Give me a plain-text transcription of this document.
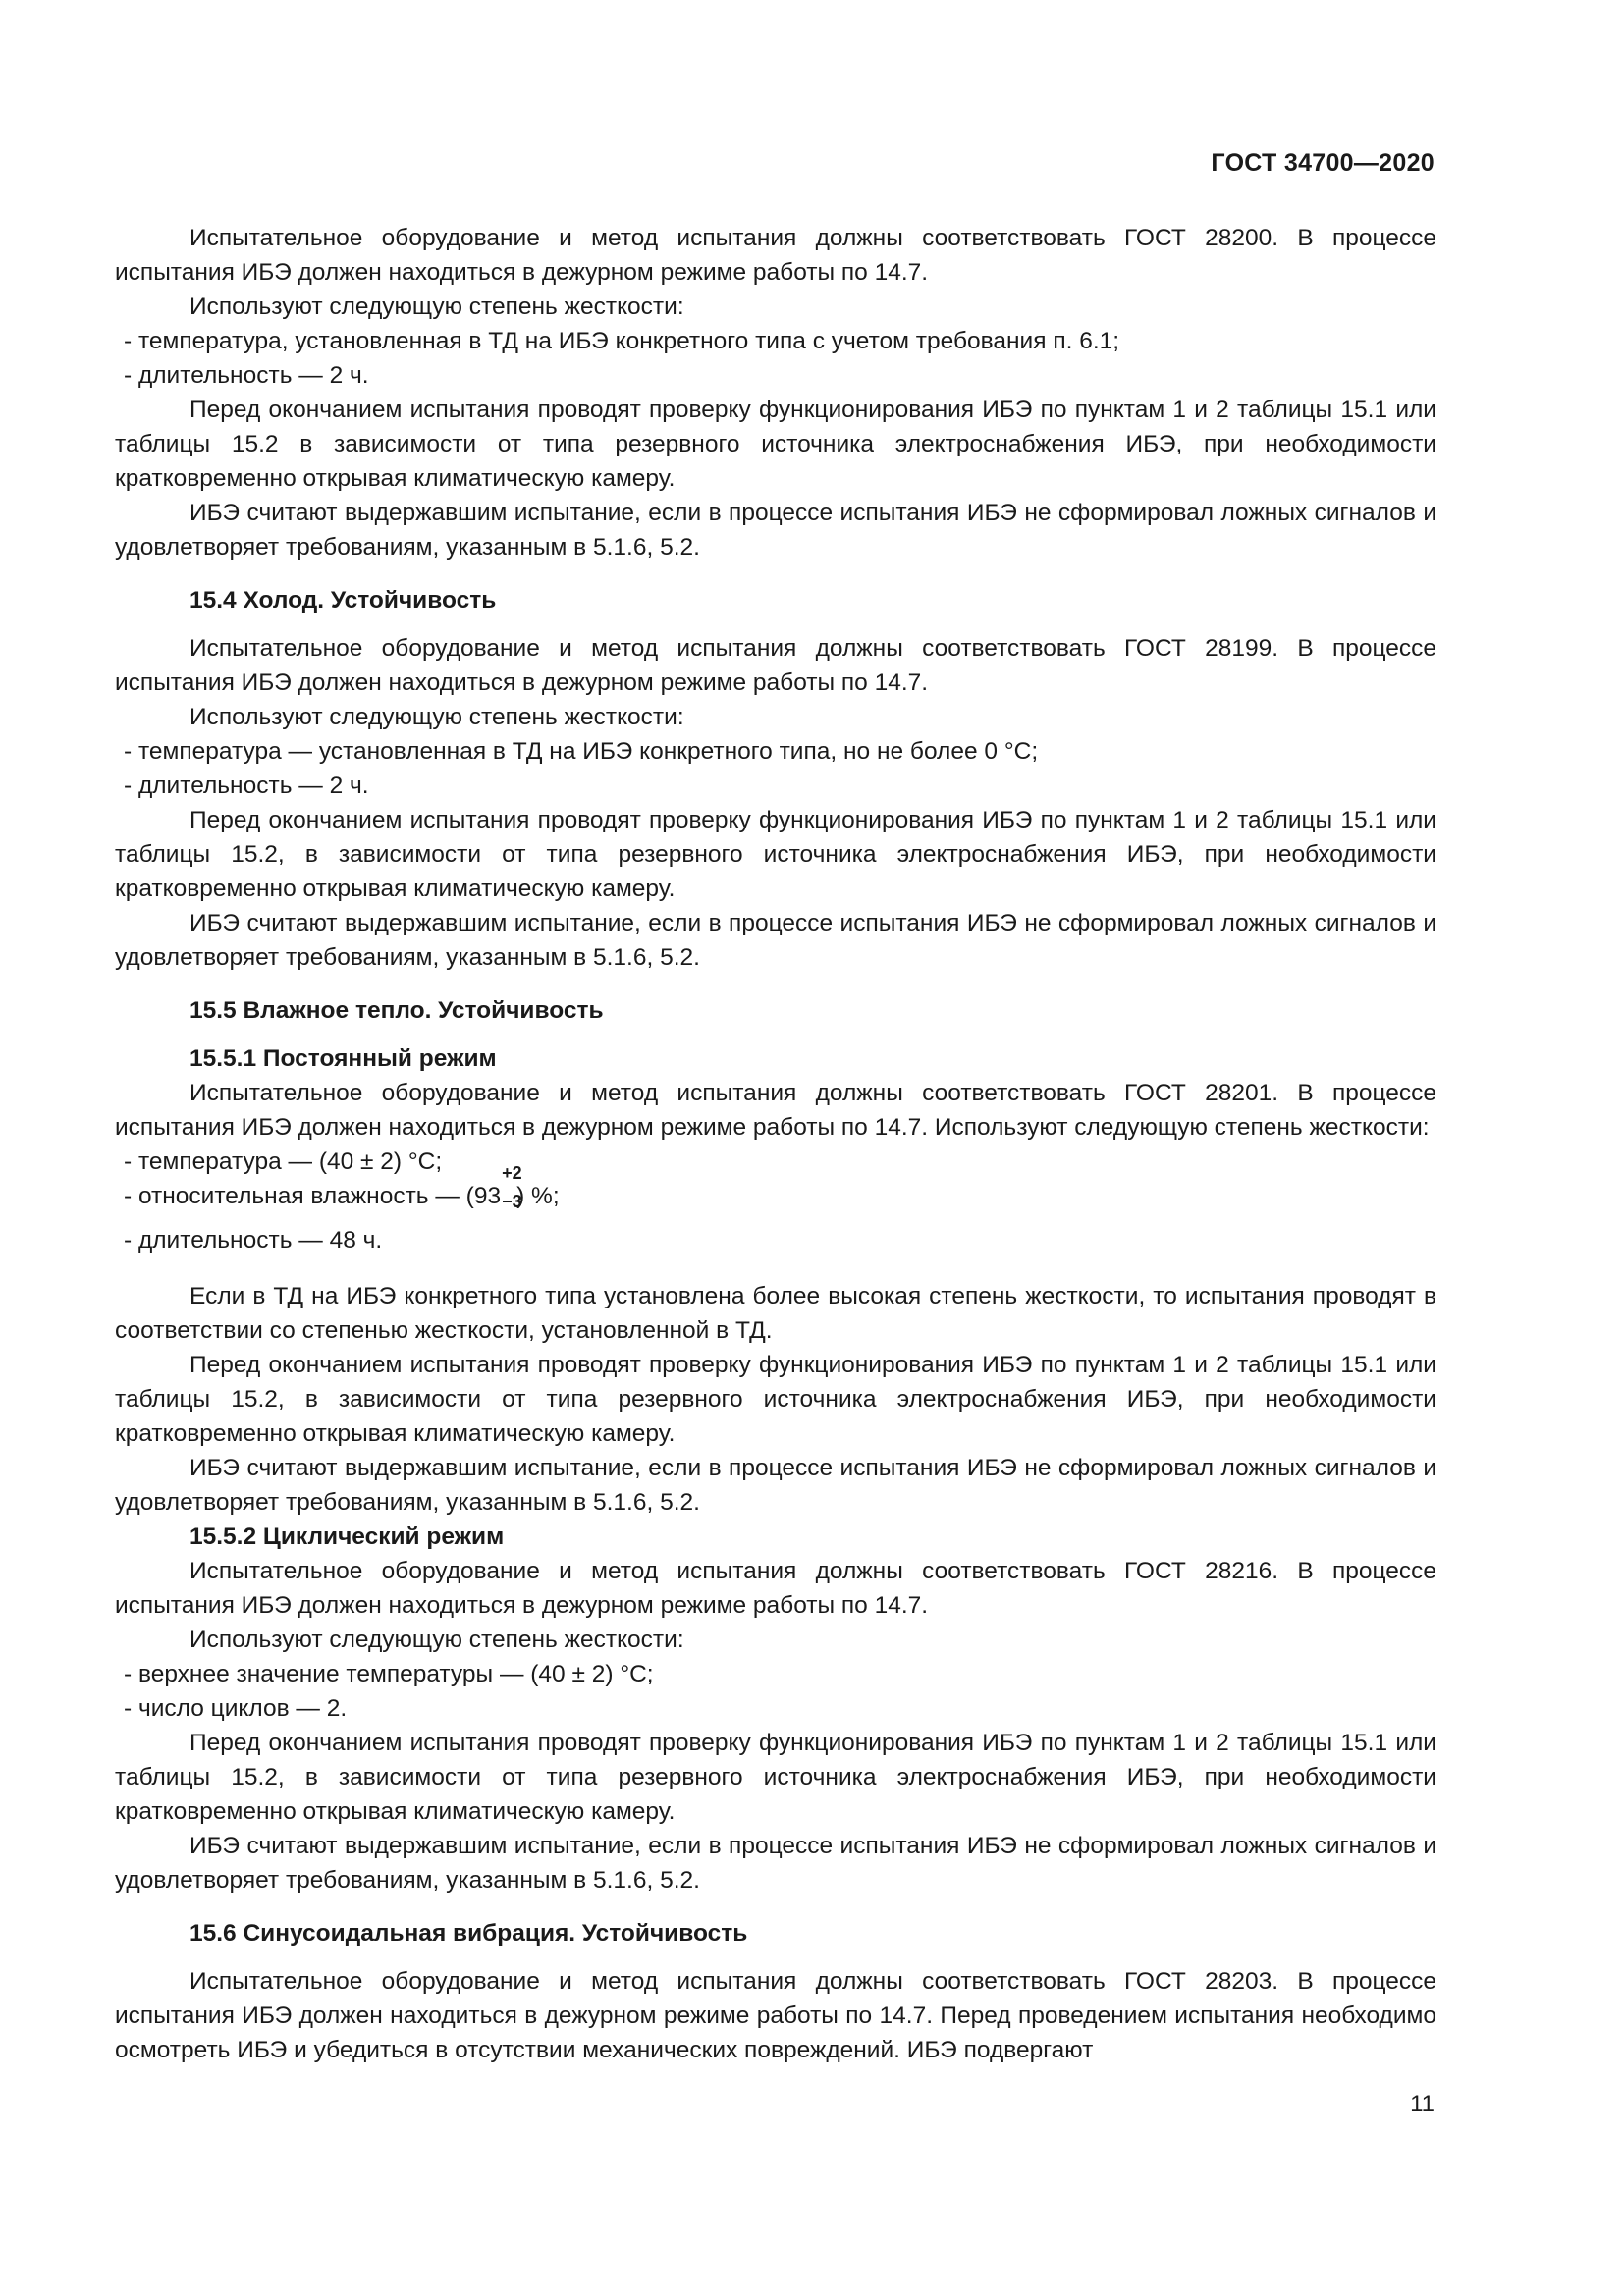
ГОСТ 34700—2020

Испытательное оборудование и метод испытания должны соответствовать ГОСТ 28200. В процессе испытания ИБЭ должен находиться в дежурном режиме работы по 14.7.

Используют следующую степень жесткости:

- температура, установленная в ТД на ИБЭ конкретного типа с учетом требования п. 6.1;

- длительность — 2 ч.

Перед окончанием испытания проводят проверку функционирования ИБЭ по пунктам 1 и 2 таблицы 15.1 или таблицы 15.2 в зависимости от типа резервного источника электроснабжения ИБЭ, при необходимости кратковременно открывая климатическую камеру.

ИБЭ считают выдержавшим испытание, если в процессе испытания ИБЭ не сформировал ложных сигналов и удовлетворяет требованиям, указанным в 5.1.6, 5.2.

15.4 Холод. Устойчивость

Испытательное оборудование и метод испытания должны соответствовать ГОСТ 28199. В процессе испытания ИБЭ должен находиться в дежурном режиме работы по 14.7.

Используют следующую степень жесткости:

- температура — установленная в ТД на ИБЭ конкретного типа, но не более 0 °С;

- длительность — 2 ч.

Перед окончанием испытания проводят проверку функционирования ИБЭ по пунктам 1 и 2 таблицы 15.1 или таблицы 15.2, в зависимости от типа резервного источника электроснабжения ИБЭ, при необходимости кратковременно открывая климатическую камеру.

ИБЭ считают выдержавшим испытание, если в процессе испытания ИБЭ не сформировал ложных сигналов и удовлетворяет требованиям, указанным в 5.1.6, 5.2.

15.5 Влажное тепло. Устойчивость

15.5.1 Постоянный режим

Испытательное оборудование и метод испытания должны соответствовать ГОСТ 28201. В процессе испытания ИБЭ должен находиться в дежурном режиме работы по 14.7. Используют следующую степень жесткости:

- температура — (40 ± 2) °С;

- относительная влажность — (93
+2
−3
) %;

- длительность — 48 ч.

Если в ТД на ИБЭ конкретного типа установлена более высокая степень жесткости, то испытания проводят в соответствии со степенью жесткости, установленной в ТД.

Перед окончанием испытания проводят проверку функционирования ИБЭ по пунктам 1 и 2 таблицы 15.1 или таблицы 15.2, в зависимости от типа резервного источника электроснабжения ИБЭ, при необходимости кратковременно открывая климатическую камеру.

ИБЭ считают выдержавшим испытание, если в процессе испытания ИБЭ не сформировал ложных сигналов и удовлетворяет требованиям, указанным в 5.1.6, 5.2.

15.5.2 Циклический режим

Испытательное оборудование и метод испытания должны соответствовать ГОСТ 28216. В процессе испытания ИБЭ должен находиться в дежурном режиме работы по 14.7.

Используют следующую степень жесткости:

- верхнее значение температуры — (40 ± 2) °С;

- число циклов — 2.

Перед окончанием испытания проводят проверку функционирования ИБЭ по пунктам 1 и 2 таблицы 15.1 или таблицы 15.2, в зависимости от типа резервного источника электроснабжения ИБЭ, при необходимости кратковременно открывая климатическую камеру.

ИБЭ считают выдержавшим испытание, если в процессе испытания ИБЭ не сформировал ложных сигналов и удовлетворяет требованиям, указанным в 5.1.6, 5.2.

15.6 Синусоидальная вибрация. Устойчивость

Испытательное оборудование и метод испытания должны соответствовать ГОСТ 28203. В процессе испытания ИБЭ должен находиться в дежурном режиме работы по 14.7. Перед проведением испытания необходимо осмотреть ИБЭ и убедиться в отсутствии механических повреждений. ИБЭ подвергают

11
